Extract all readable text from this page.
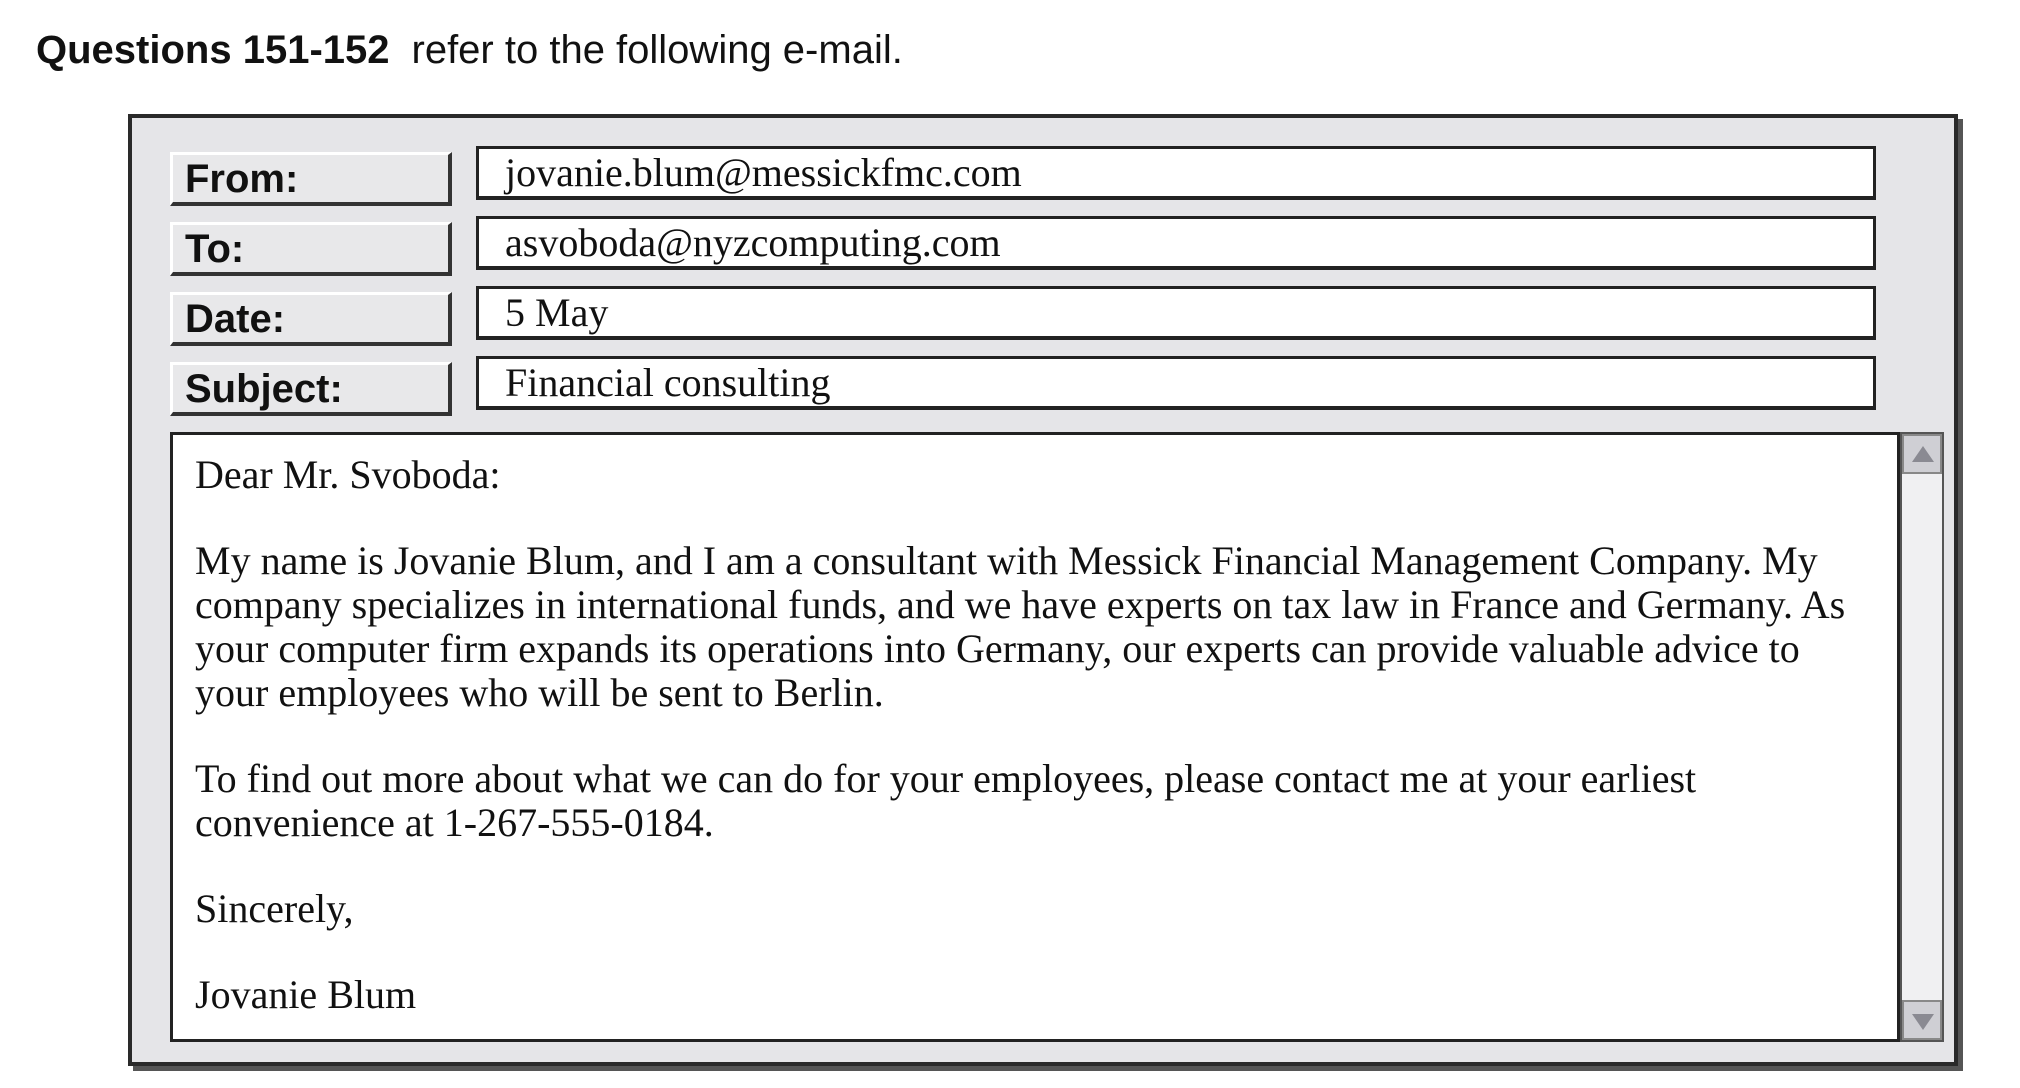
Questions 151-152 refer to the following e-mail.
From:	jovanie.blum@messickfmc.com
To:	asvoboda@nyzcomputing.com
Date:	5 May
Subject:	Financial consulting

Dear Mr. Svoboda:

My name is Jovanie Blum, and I am a consultant with Messick Financial Management Company. My company specializes in international funds, and we have experts on tax law in France and Germany. As your computer firm expands its operations into Germany, our experts can provide valuable advice to your employees who will be sent to Berlin.

To find out more about what we can do for your employees, please contact me at your earliest convenience at 1-267-555-0184.

Sincerely,

Jovanie Blum
